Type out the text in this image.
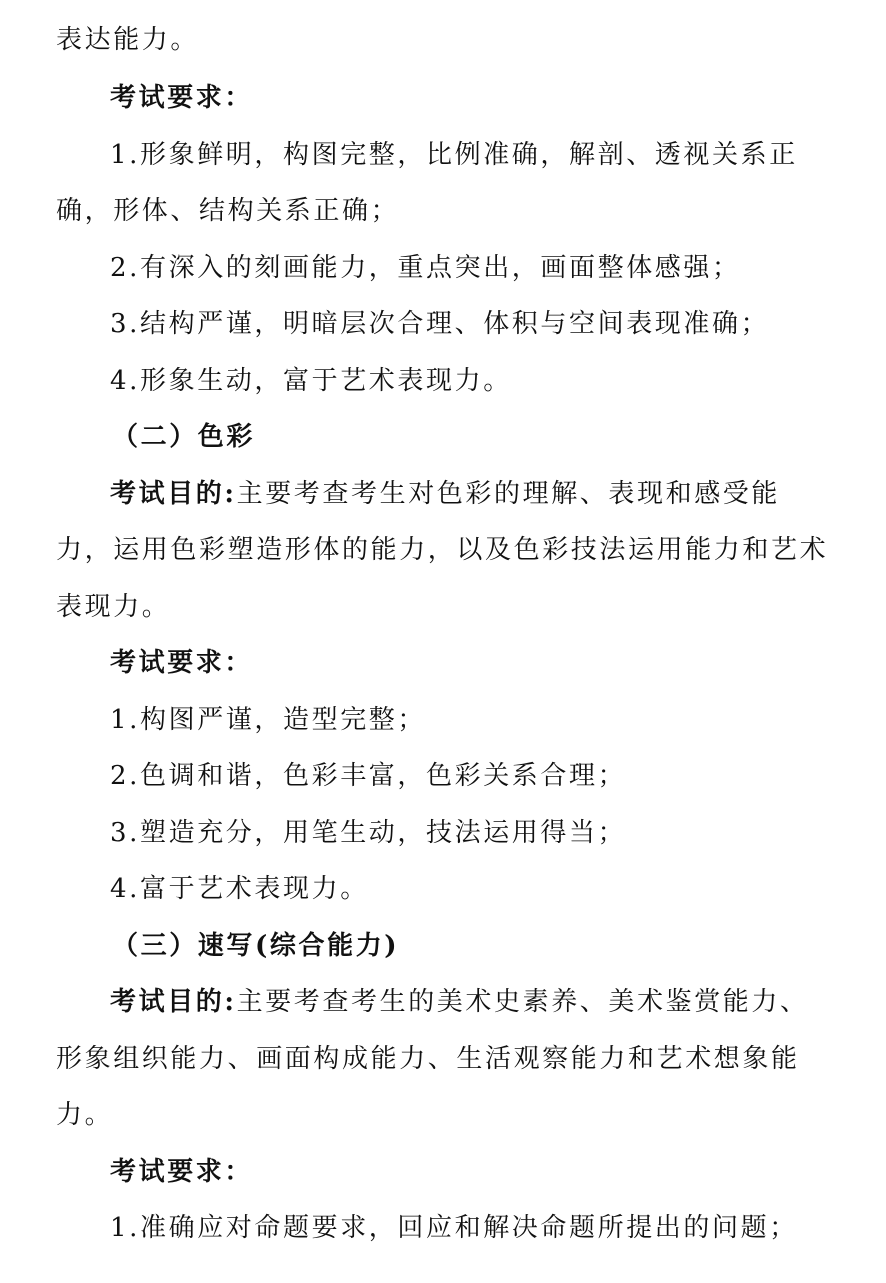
表达能力。
考试要求：
1.形象鲜明，构图完整，比例准确，解剖、透视关系正
确，形体、结构关系正确；
2.有深入的刻画能力，重点突出，画面整体感强；
3.结构严谨，明暗层次合理、体积与空间表现准确；
4.形象生动，富于艺术表现力。
（二）色彩
考试目的:主要考查考生对色彩的理解、表现和感受能
力，运用色彩塑造形体的能力，以及色彩技法运用能力和艺术
表现力。
考试要求：
1.构图严谨，造型完整；
2.色调和谐，色彩丰富，色彩关系合理；
3.塑造充分，用笔生动，技法运用得当；
4.富于艺术表现力。
（三）速写(综合能力)
考试目的:主要考查考生的美术史素养、美术鉴赏能力、
形象组织能力、画面构成能力、生活观察能力和艺术想象能
力。
考试要求：
1.准确应对命题要求，回应和解决命题所提出的问题；
